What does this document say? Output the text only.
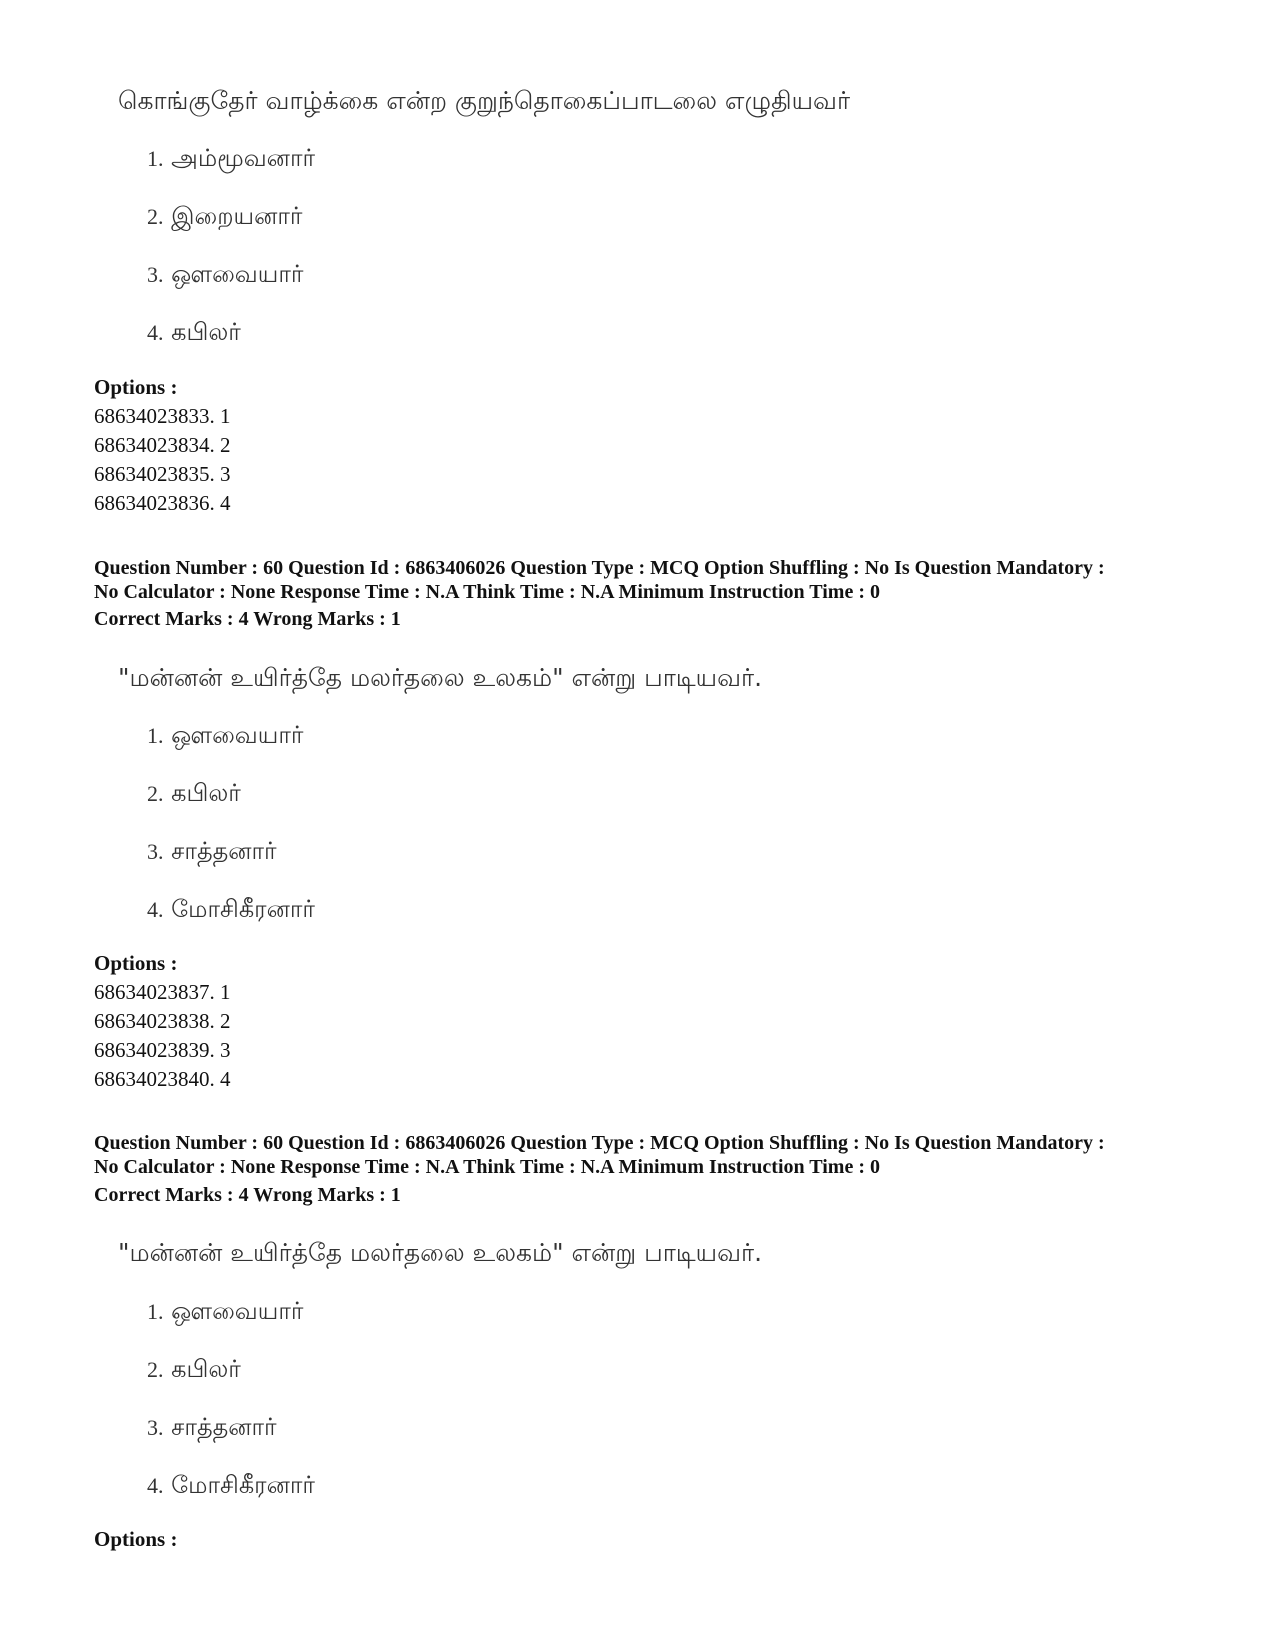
கொங்குதேர் வாழ்க்கை என்ற குறுந்தொகைப்பாடலை எழுதியவர்
1. அம்மூவனார்
2. இறையனார்
3. ஔவையார்
4. கபிலர்
Options :
68634023833. 1
68634023834. 2
68634023835. 3
68634023836. 4
Question Number : 60 Question Id : 6863406026 Question Type : MCQ Option Shuffling : No Is Question Mandatory :
No Calculator : None Response Time : N.A Think Time : N.A Minimum Instruction Time : 0
Correct Marks : 4 Wrong Marks : 1
"மன்னன் உயிர்த்தே மலர்தலை உலகம்" என்று பாடியவர்.
1. ஔவையார்
2. கபிலர்
3. சாத்தனார்
4. மோசிகீரனார்
Options :
68634023837. 1
68634023838. 2
68634023839. 3
68634023840. 4
Question Number : 60 Question Id : 6863406026 Question Type : MCQ Option Shuffling : No Is Question Mandatory :
No Calculator : None Response Time : N.A Think Time : N.A Minimum Instruction Time : 0
Correct Marks : 4 Wrong Marks : 1
"மன்னன் உயிர்த்தே மலர்தலை உலகம்" என்று பாடியவர்.
1. ஔவையார்
2. கபிலர்
3. சாத்தனார்
4. மோசிகீரனார்
Options :
